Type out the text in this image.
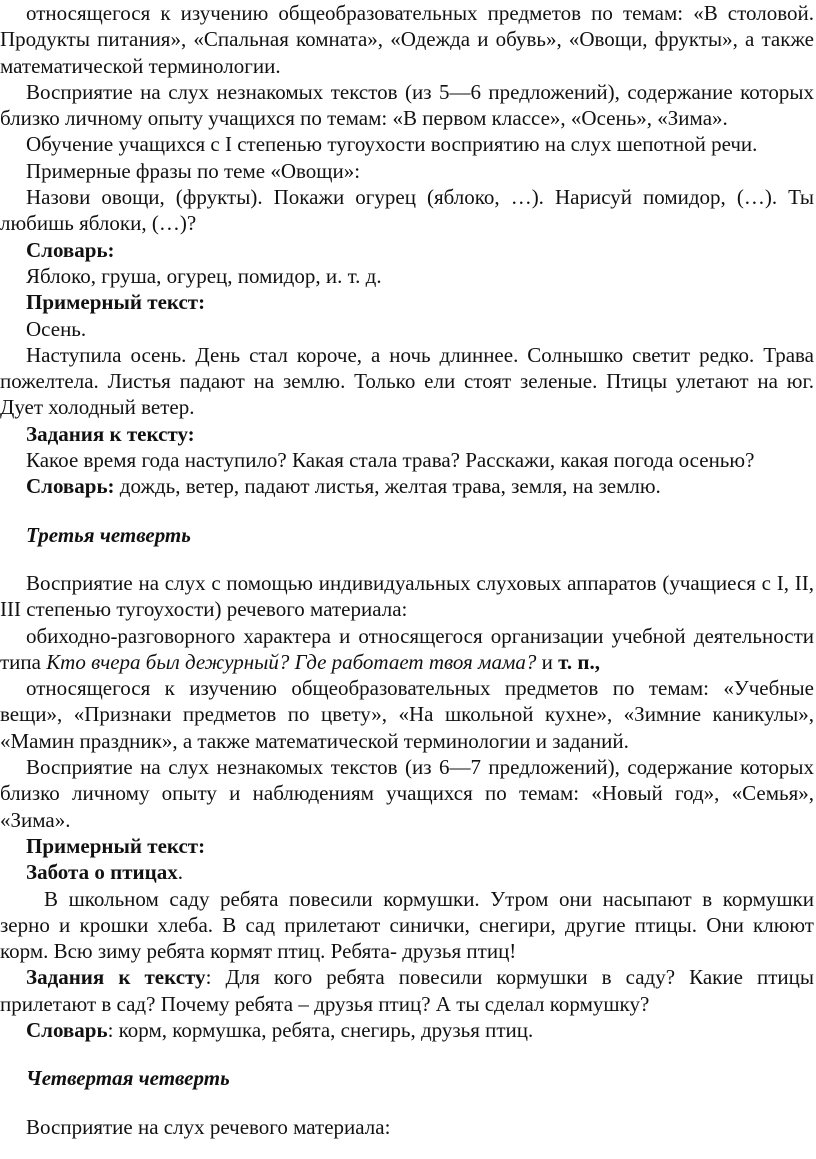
относящегося к изучению общеобразовательных предметов по темам: «В столовой. Продукты питания», «Спальная комната», «Одежда и обувь», «Овощи, фрукты», а также математической терминологии.

Восприятие на слух незнакомых текстов (из 5—6 предложений), содержание которых близко личному опыту учащихся по темам: «В первом классе», «Осень», «Зима».

Обучение учащихся с I степенью тугоухости восприятию на слух шепотной речи.

Примерные фразы по теме «Овощи»:

Назови овощи, (фрукты). Покажи огурец (яблоко, …). Нарисуй помидор, (…). Ты любишь яблоки, (…)?

Словарь:

Яблоко, груша, огурец, помидор, и. т. д.

Примерный текст:

Осень.

Наступила осень. День стал короче, а ночь длиннее. Солнышко светит редко. Трава пожелтела. Листья падают на землю. Только ели стоят зеленые. Птицы улетают на юг. Дует холодный ветер.

Задания к тексту:

Какое время года наступило? Какая стала трава? Расскажи, какая погода осенью?

Словарь: дождь, ветер, падают листья, желтая трава, земля, на землю.

Третья четверть

Восприятие на слух с помощью индивидуальных слуховых аппаратов (учащиеся с I, II, III степенью тугоухости) речевого материала:

обиходно-разговорного характера и относящегося организации учебной деятельности типа Кто вчера был дежурный? Где работает твоя мама? и т. п.,

относящегося к изучению общеобразовательных предметов по темам: «Учебные вещи», «Признаки предметов по цвету», «На школьной кухне», «Зимние каникулы», «Мамин праздник», а также математической терминологии и заданий.

Восприятие на слух незнакомых текстов (из 6—7 предложений), содержание которых близко личному опыту и наблюдениям учащихся по темам: «Новый год», «Семья», «Зима».

Примерный текст:

Забота о птицах.

В школьном саду ребята повесили кормушки. Утром они насыпают в кормушки зерно и крошки хлеба. В сад прилетают синички, снегири, другие птицы. Они клюют корм. Всю зиму ребята кормят птиц. Ребята- друзья птиц!

Задания к тексту: Для кого ребята повесили кормушки в саду? Какие птицы прилетают в сад? Почему ребята – друзья птиц? А ты сделал кормушку?

Словарь: корм, кормушка, ребята, снегирь, друзья птиц.

Четвертая четверть

Восприятие на слух речевого материала:
